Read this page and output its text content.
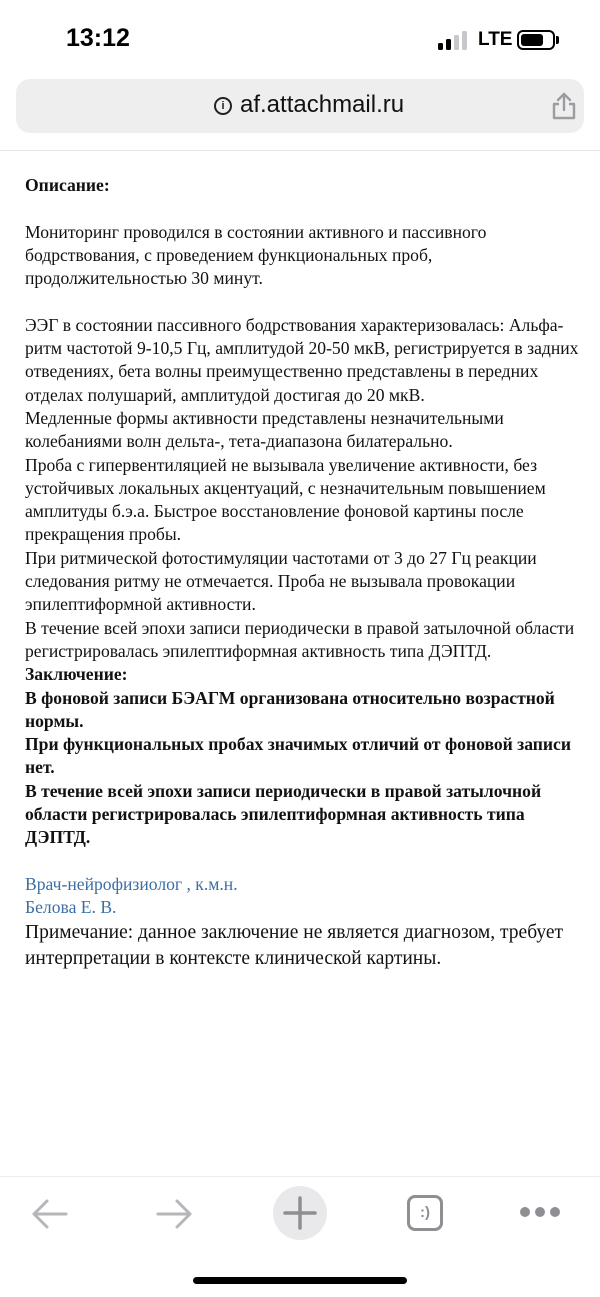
13:12	LTE
i af.attachmail.ru

Описание:

Мониторинг проводился в состоянии активного и пассивного бодрствования, с проведением функциональных проб, продолжительностью 30 минут.

ЭЭГ в состоянии пассивного бодрствования характеризовалась: Альфа-ритм частотой 9-10,5 Гц, амплитудой 20-50 мкВ, регистрируется в задних отведениях, бета волны преимущественно представлены в передних отделах полушарий, амплитудой достигая до 20 мкВ.

Медленные формы активности представлены незначительными колебаниями волн дельта-, тета-диапазона билатерально.

Проба с гипервентиляцией не вызывала увеличение активности, без устойчивых локальных акцентуаций, с незначительным повышением амплитуды б.э.а. Быстрое восстановление фоновой картины после прекращения пробы.

При ритмической фотостимуляции частотами от 3 до 27 Гц реакции следования ритму не отмечается. Проба не вызывала провокации эпилептиформной активности.

В течение всей эпохи записи периодически в правой затылочной области регистрировалась эпилептиформная активность типа ДЭПТД.

Заключение:

В фоновой записи БЭАГМ организована относительно возрастной нормы.

При функциональных пробах значимых отличий от фоновой записи нет.

В течение всей эпохи записи периодически в правой затылочной области регистрировалась эпилептиформная активность типа ДЭПТД.

Врач-нейрофизиолог , к.м.н.

Белова Е. В.

Примечание: данное заключение не является диагнозом, требует интерпретации в контексте клинической картины.

:)
